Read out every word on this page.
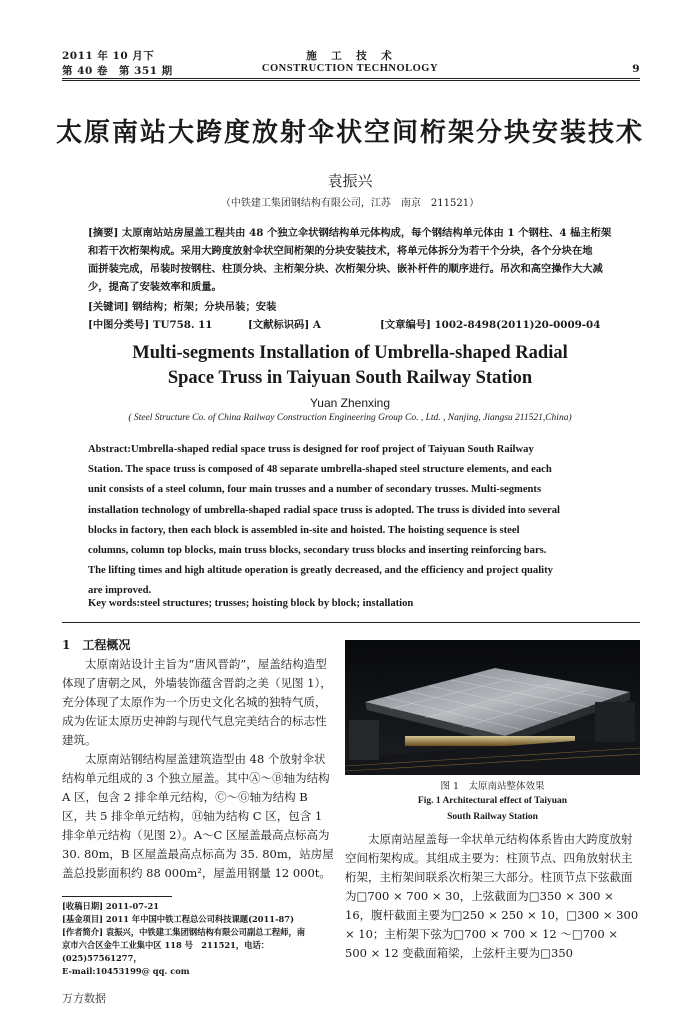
2011 年 10 月下
第 40 卷　第 351 期
施　工　技　术
CONSTRUCTION TECHNOLOGY	9
太原南站大跨度放射伞状空间桁架分块安装技术
袁振兴
（中铁建工集团钢结构有限公司，江苏　南京　211521）

[摘要] 太原南站站房屋盖工程共由 48 个独立伞状钢结构单元体构成，每个钢结构单元体由 1 个钢柱、4 榀主桁架

和若干次桁架构成。采用大跨度放射伞状空间桁架的分块安装技术，将单元体拆分为若干个分块，各个分块在地

面拼装完成，吊装时按钢柱、柱顶分块、主桁架分块、次桁架分块、嵌补杆件的顺序进行。吊次和高空操作大大减

少，提高了安装效率和质量。

[关键词] 钢结构；桁架；分块吊装；安装
[中图分类号] TU758. 11	[文献标识码] A	[文章编号] 1002-8498(2011)20-0009-04
Multi-segments Installation of Umbrella-shaped Radial
Space Truss in Taiyuan South Railway Station
Yuan Zhenxing
( Steel Structure Co. of China Railway Construction Engineering Group Co. , Ltd. , Nanjing, Jiangsu 211521,China)
Abstract:Umbrella-shaped redial space truss is designed for roof project of Taiyuan South Railway
Station. The space truss is composed of 48 separate umbrella-shaped steel structure elements, and each
unit consists of a steel column, four main trusses and a number of secondary trusses. Multi-segments
installation technology of umbrella-shaped radial space truss is adopted. The truss is divided into several
blocks in factory, then each block is assembled in-site and hoisted. The hoisting sequence is steel
columns, column top blocks, main truss blocks, secondary truss blocks and inserting reinforcing bars.
The lifting times and high altitude operation is greatly decreased, and the efficiency and project quality
are improved.
Key words:steel structures; trusses; hoisting block by block; installation
1　工程概况

太原南站设计主旨为“唐风晋韵”，屋盖结构造型体现了唐朝之风，外墙装饰蕴含晋韵之美（见图 1），充分体现了太原作为一个历史文化名城的独特气质，成为佐证太原历史神韵与现代气息完美结合的标志性建筑。

太原南站钢结构屋盖建筑造型由 48 个放射伞状结构单元组成的 3 个独立屋盖。其中Ⓐ～Ⓑ轴为结构 A 区，包含 2 排伞单元结构，Ⓒ～Ⓖ轴为结构 B 区，共 5 排伞单元结构，Ⓗ轴为结构 C 区，包含 1 排伞单元结构（见图 2）。A～C 区屋盖最高点标高为 30. 80m，B 区屋盖最高点标高为 35. 80m，站房屋盖总投影面积约 88 000m²，屋盖用钢量 12 000t。

图 1　太原南站整体效果
Fig. 1 Architectural effect of Taiyuan
South Railway Station

太原南站屋盖每一伞状单元结构体系皆由大跨度放射空间桁架构成。其组成主要为：柱顶节点、四角放射状主桁架，主桁架间联系次桁架三大部分。柱顶节点下弦截面为□700 × 700 × 30，上弦截面为□350 × 300 × 16，腹杆截面主要为□250 × 250 × 10，□300 × 300 × 10；主桁架下弦为□700 × 700 × 12 ～□700 × 500 × 12 变截面箱梁，上弦杆主要为□350

[收稿日期] 2011-07-21

[基金项目] 2011 年中国中铁工程总公司科技课题(2011-87)

[作者简介] 袁振兴，中铁建工集团钢结构有限公司副总工程师，南

京市六合区金牛工业集中区 118 号　211521，电话：(025)57561277，

E-mail:10453199@ qq. com

万方数据
